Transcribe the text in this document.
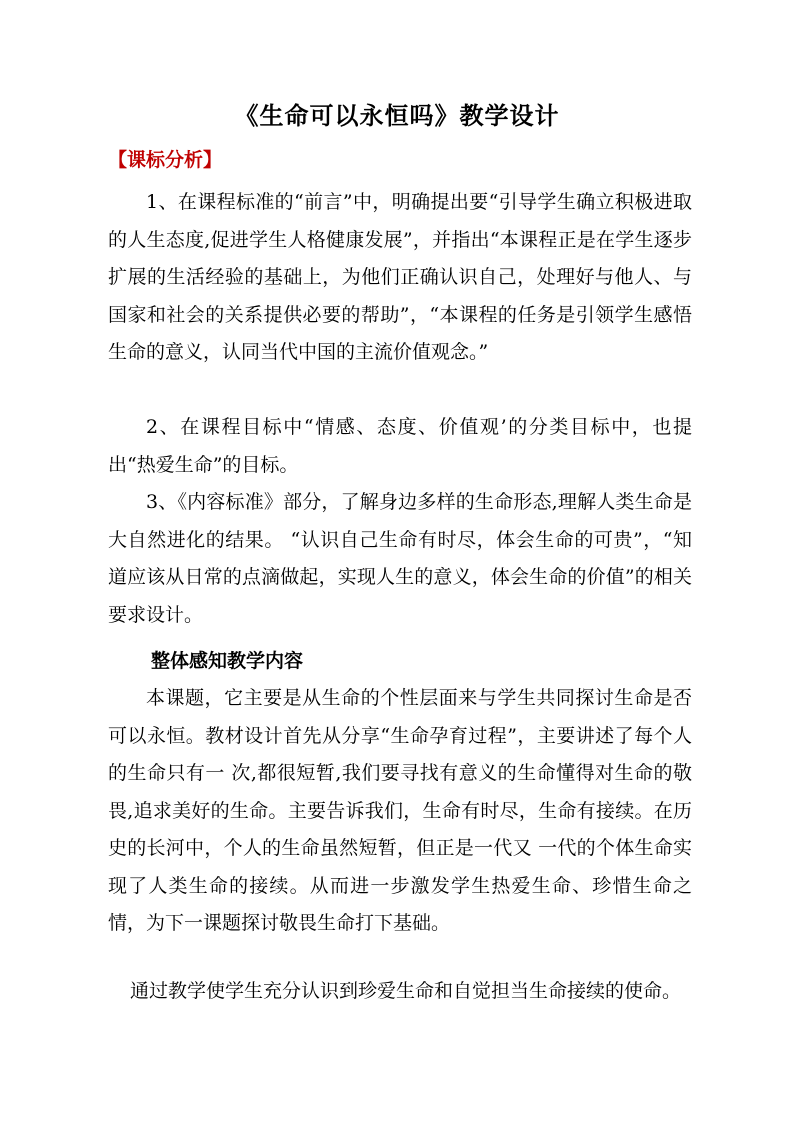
《生命可以永恒吗》教学设计
【课标分析】

1、在课程标准的“前言”中，明确提出要“引导学生确立积极进取的人生态度,促进学生人格健康发展”，并指出“本课程正是在学生逐步扩展的生活经验的基础上，为他们正确认识自己，处理好与他人、与国家和社会的关系提供必要的帮助”，“本课程的任务是引领学生感悟生命的意义，认同当代中国的主流价值观念。”

2、在课程目标中“情感、态度、价值观’的分类目标中，也提出“热爱生命”的目标。

3、《内容标准》部分，了解身边多样的生命形态,理解人类生命是大自然进化的结果。 “认识自己生命有时尽，体会生命的可贵”，“知道应该从日常的点滴做起，实现人生的意义，体会生命的价值”的相关要求设计。

整体感知教学内容

本课题，它主要是从生命的个性层面来与学生共同探讨生命是否可以永恒。教材设计首先从分享“生命孕育过程”，主要讲述了每个人的生命只有一 次,都很短暂,我们要寻找有意义的生命懂得对生命的敬畏,追求美好的生命。主要告诉我们，生命有时尽，生命有接续。在历史的长河中，个人的生命虽然短暂，但正是一代又 一代的个体生命实现了人类生命的接续。从而进一步激发学生热爱生命、珍惜生命之情，为下一课题探讨敬畏生命打下基础。

通过教学使学生充分认识到珍爱生命和自觉担当生命接续的使命。
